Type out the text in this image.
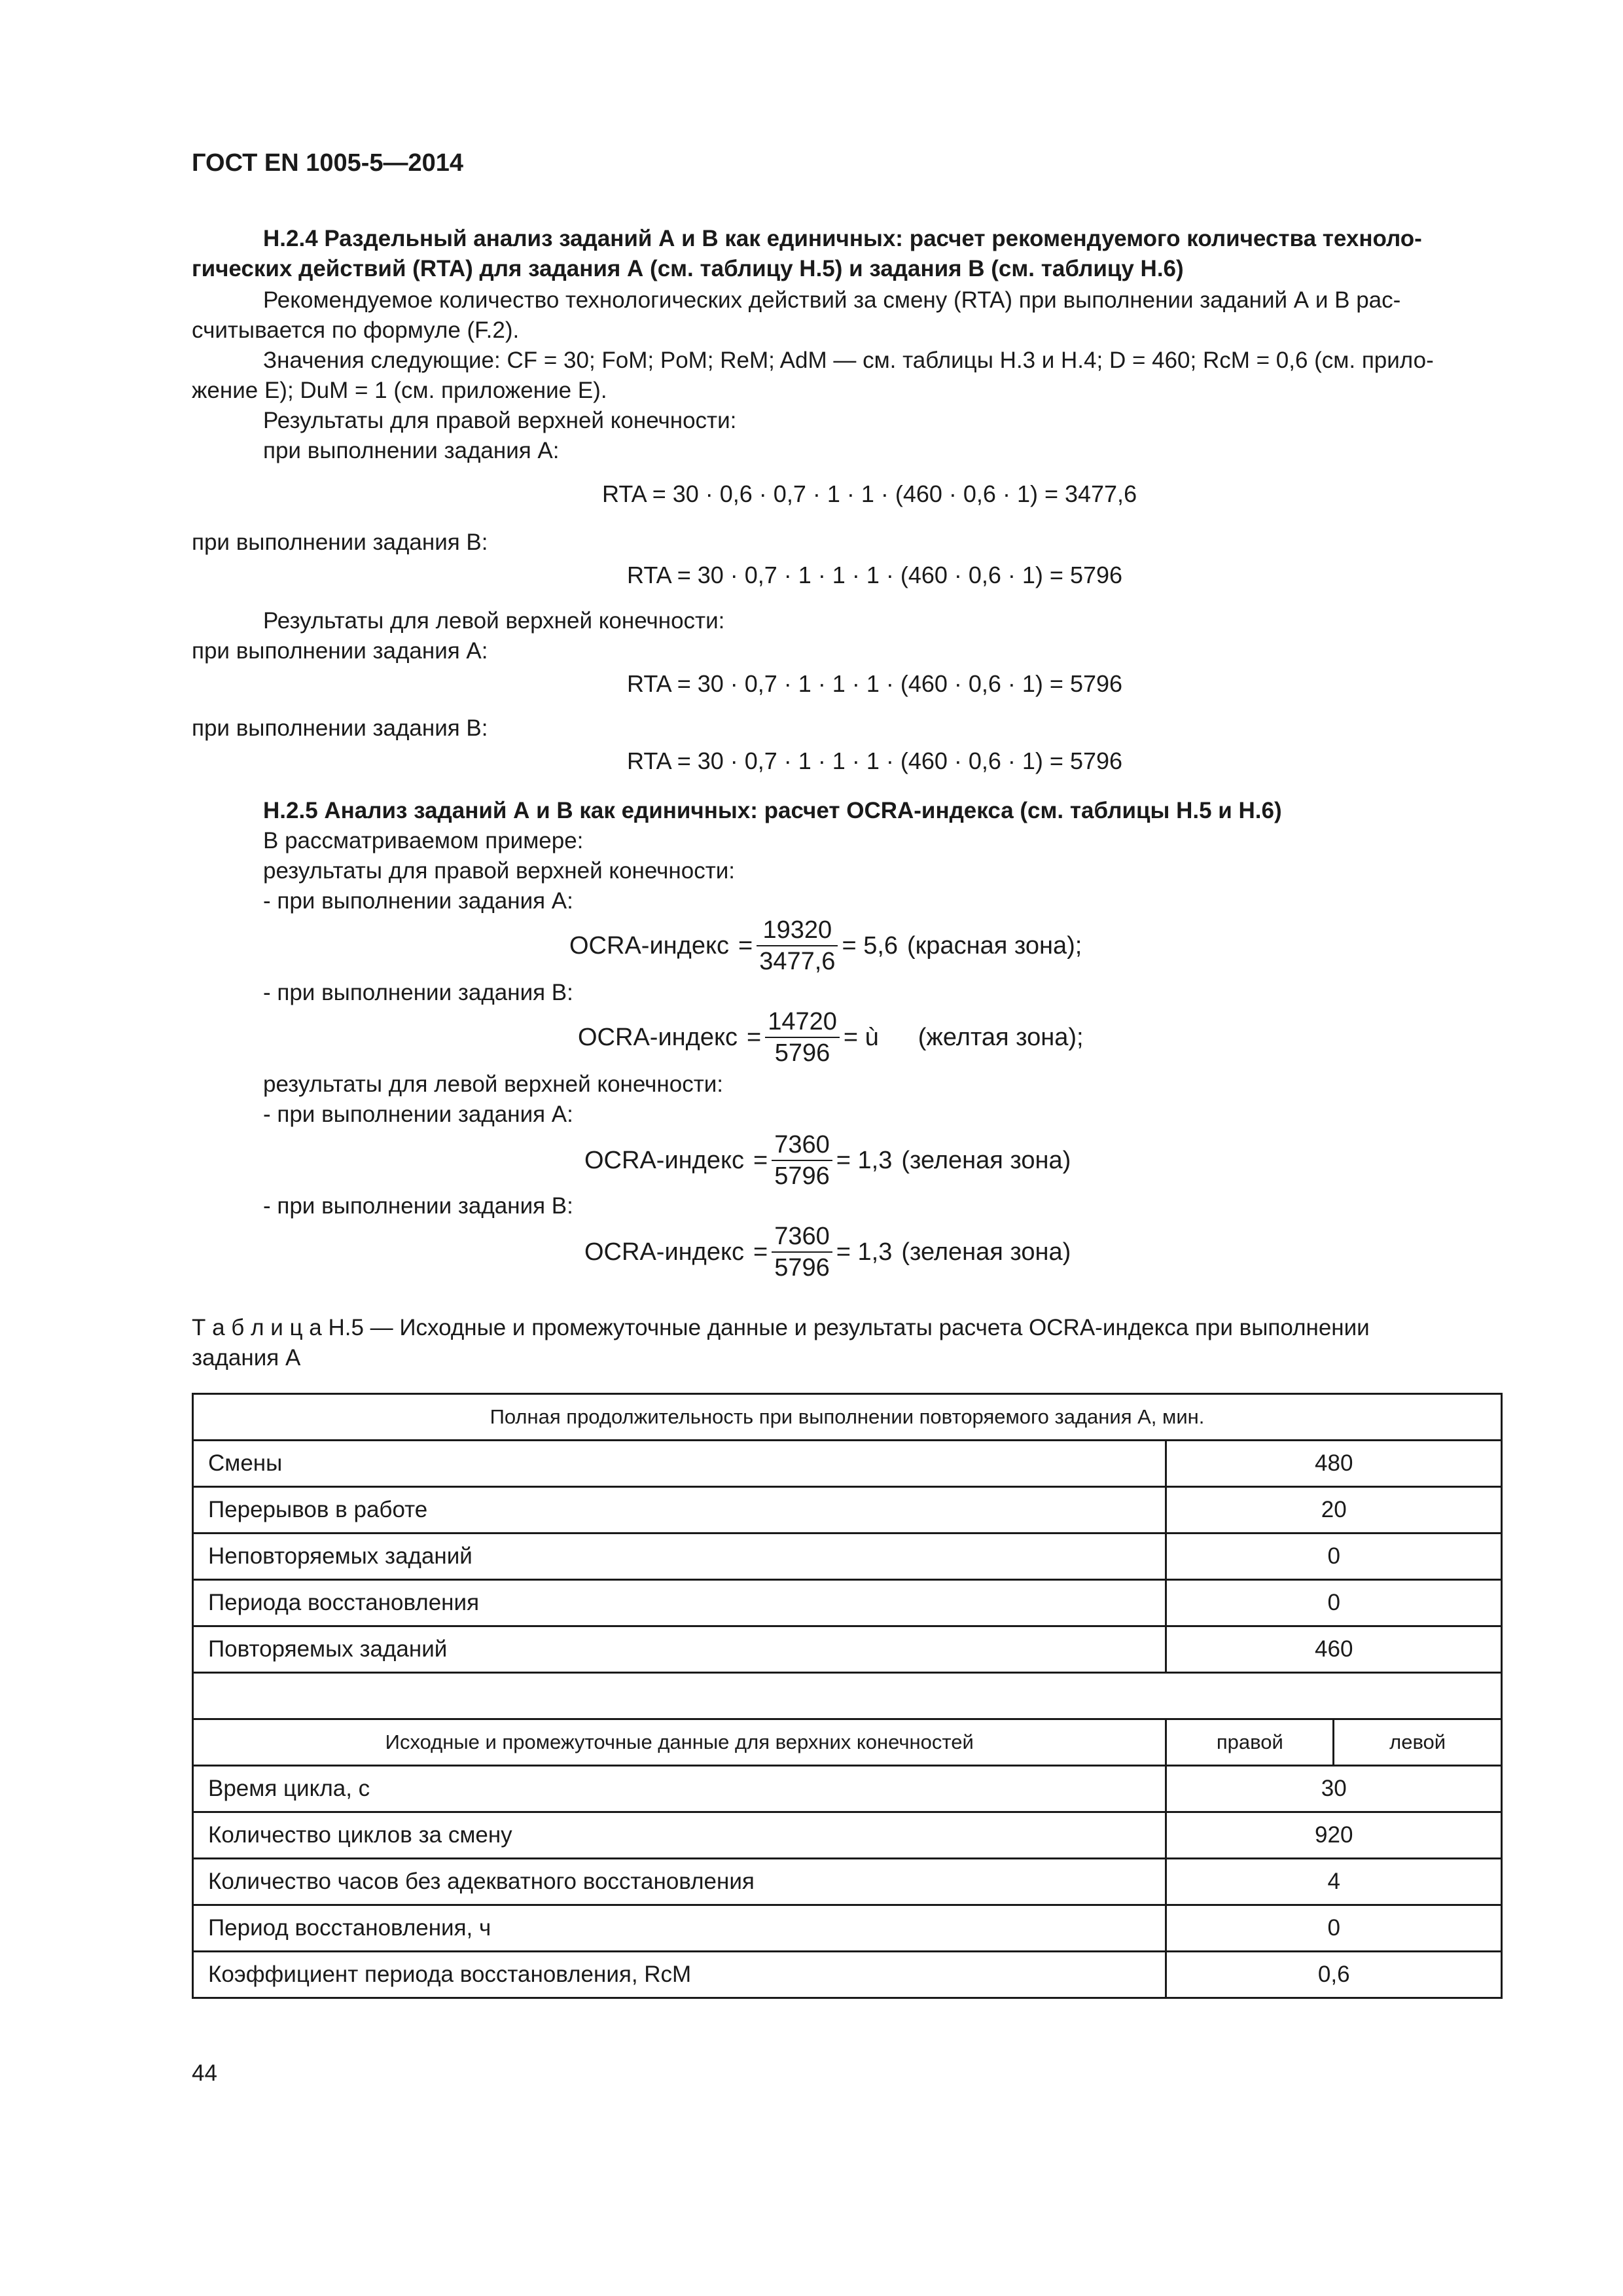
ГОСТ EN 1005-5—2014
Н.2.4 Раздельный анализ заданий А и В как единичных: расчет рекомендуемого количества техноло-
гических действий (RTA) для задания А (см. таблицу Н.5) и задания В (см. таблицу Н.6)
Рекомендуемое количество технологических действий за смену (RTA) при выполнении заданий А и В рас-
считывается по формуле (F.2).
Значения следующие: CF = 30; FoM; PoM; ReM; AdM — см. таблицы Н.3 и Н.4; D = 460; RcM = 0,6 (см. прило-
жение Е); DuM = 1 (см. приложение Е).
Результаты для правой верхней конечности:
при выполнении задания А:
RTA = 30 · 0,6 · 0,7 · 1 · 1 · (460 · 0,6 · 1) = 3477,6
при выполнении задания В:
RTA = 30 · 0,7 · 1 · 1 · 1 · (460 · 0,6 · 1) = 5796
Результаты для левой верхней конечности:
при выполнении задания А:
RTA = 30 · 0,7 · 1 · 1 · 1 · (460 · 0,6 · 1) = 5796
при выполнении задания В:
RTA = 30 · 0,7 · 1 · 1 · 1 · (460 · 0,6 · 1) = 5796
Н.2.5 Анализ заданий А и В как единичных: расчет OCRA-индекса (см. таблицы Н.5 и Н.6)
В рассматриваемом примере:
результаты для правой верхней конечности:
- при выполнении задания А:
OCRA-индекс = $\frac{19320}{3477,6} = 5,6$ (красная зона);
- при выполнении задания В:
OCRA-индекс = $\frac{14720}{5796}$ = ù (желтая зона);
результаты для левой верхней конечности:
- при выполнении задания А:
OCRA-индекс = $\frac{7360}{5796} = 1,3$ (зеленая зона)
- при выполнении задания В:
OCRA-индекс = $\frac{7360}{5796} = 1,3$ (зеленая зона)
Т а б л и ц а Н.5 — Исходные и промежуточные данные и результаты расчета OCRA-индекса при выполнении
задания А
Полная продолжительность при выполнении повторяемого задания А, мин.		
Смены	480	
Перерывов в работе	20	
Неповторяемых заданий	0	
Периода восстановления	0	
Повторяемых заданий	460	

Исходные и промежуточные данные для верхних конечностей	правой	левой
Время цикла, с	30	
Количество циклов за смену	920	
Количество часов без адекватного восстановления	4	
Период восстановления, ч	0	
Коэффициент периода восстановления, RcM	0,6	
44
